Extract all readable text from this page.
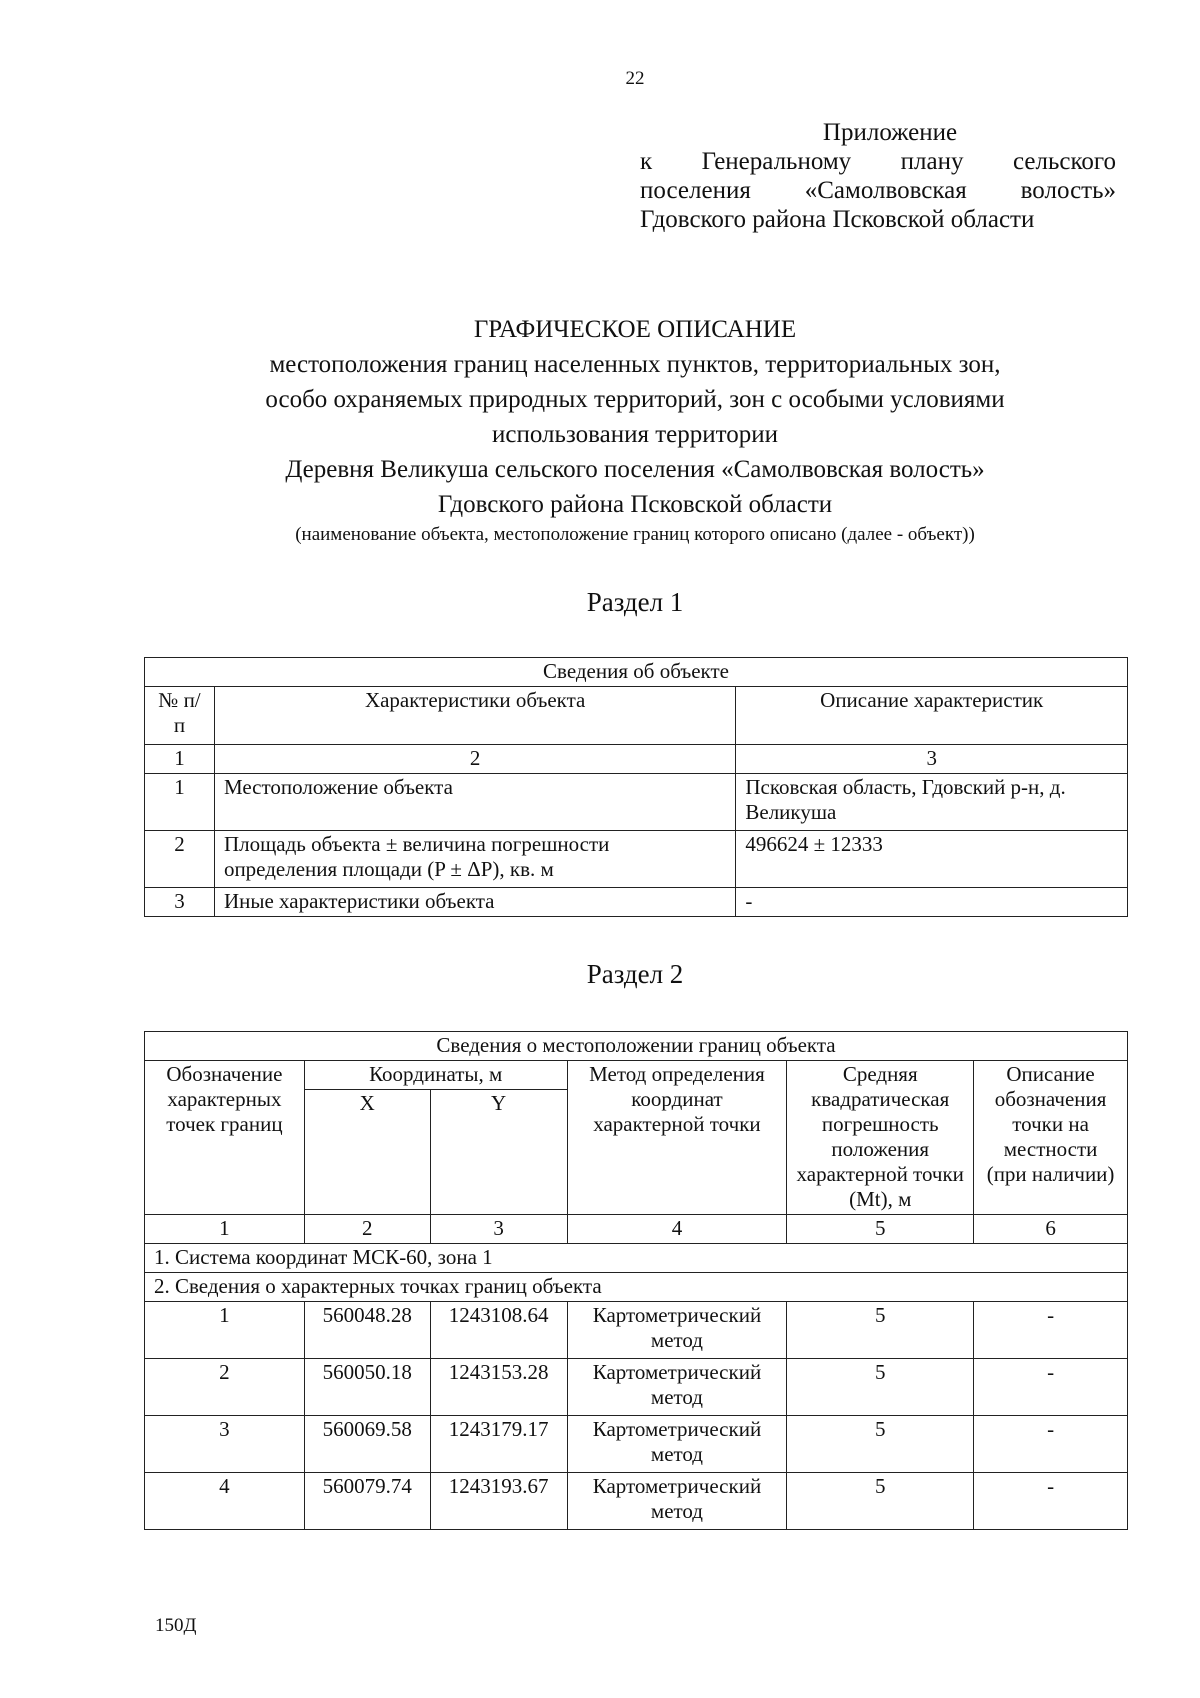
22
Приложение
к Генеральному плану сельского
поселения «Самолвовская волость»
Гдовского района Псковской области
ГРАФИЧЕСКОЕ ОПИСАНИЕ
местоположения границ населенных пунктов, территориальных зон,
особо охраняемых природных территорий, зон с особыми условиями
использования территории
Деревня Великуша сельского поселения «Самолвовская волость»
Гдовского района Псковской области
(наименование объекта, местоположение границ которого описано (далее - объект))
Раздел 1
Сведения об объекте		
№ п/п	Характеристики объекта	Описание характеристик
1	2	3
1	Местоположение объекта	Псковская область, Гдовский р-н, д. Великуша
2	Площадь объекта ± величина погрешности определения площади (P ± ΔP), кв. м	496624 ± 12333
3	Иные характеристики объекта	-
Раздел 2
Сведения о местоположении границ объекта					
Обозначение характерных точек границ	Координаты, м		Метод определения координат характерной точки	Средняя квадратическая погрешность положения характерной точки (Mt), м	Описание обозначения точки на местности (при наличии)
	X	Y			
1	2	3	4	5	6
1. Система координат МСК-60, зона 1					
2. Сведения о характерных точках границ объекта					
1	560048.28	1243108.64	Картометрический метод	5	-
2	560050.18	1243153.28	Картометрический метод	5	-
3	560069.58	1243179.17	Картометрический метод	5	-
4	560079.74	1243193.67	Картометрический метод	5	-
150Д
